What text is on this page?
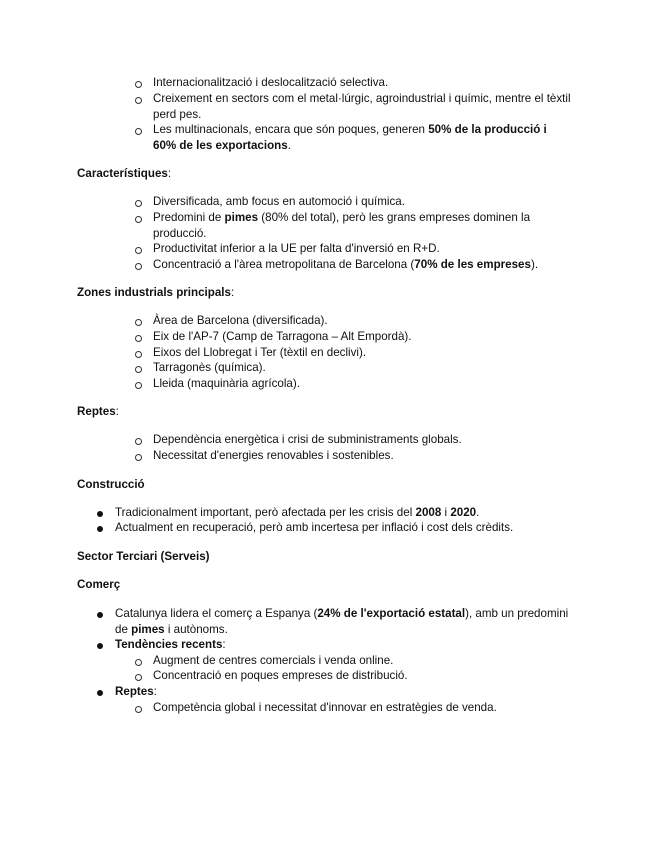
Internacionalització i deslocalització selectiva.
Creixement en sectors com el metal·lúrgic, agroindustrial i químic, mentre el tèxtil
perd pes.
Les multinacionals, encara que són poques, generen 50% de la producció i
60% de les exportacions.
Característiques:
Diversificada, amb focus en automoció i química.
Predomini de pimes (80% del total), però les grans empreses dominen la
producció.
Productivitat inferior a la UE per falta d'inversió en R+D.
Concentració a l'àrea metropolitana de Barcelona (70% de les empreses).
Zones industrials principals:
Àrea de Barcelona (diversificada).
Eix de l'AP-7 (Camp de Tarragona – Alt Empordà).
Eixos del Llobregat i Ter (tèxtil en declivi).
Tarragonès (química).
Lleida (maquinària agrícola).
Reptes:
Dependència energètica i crisi de subministraments globals.
Necessitat d'energies renovables i sostenibles.
Construcció
Tradicionalment important, però afectada per les crisis del 2008 i 2020.
Actualment en recuperació, però amb incertesa per inflació i cost dels crèdits.
Sector Terciari (Serveis)
Comerç
Catalunya lidera el comerç a Espanya (24% de l'exportació estatal), amb un predomini
de pimes i autònoms.
Tendències recents:
Augment de centres comercials i venda online.
Concentració en poques empreses de distribució.
Reptes:
Competència global i necessitat d'innovar en estratègies de venda.
